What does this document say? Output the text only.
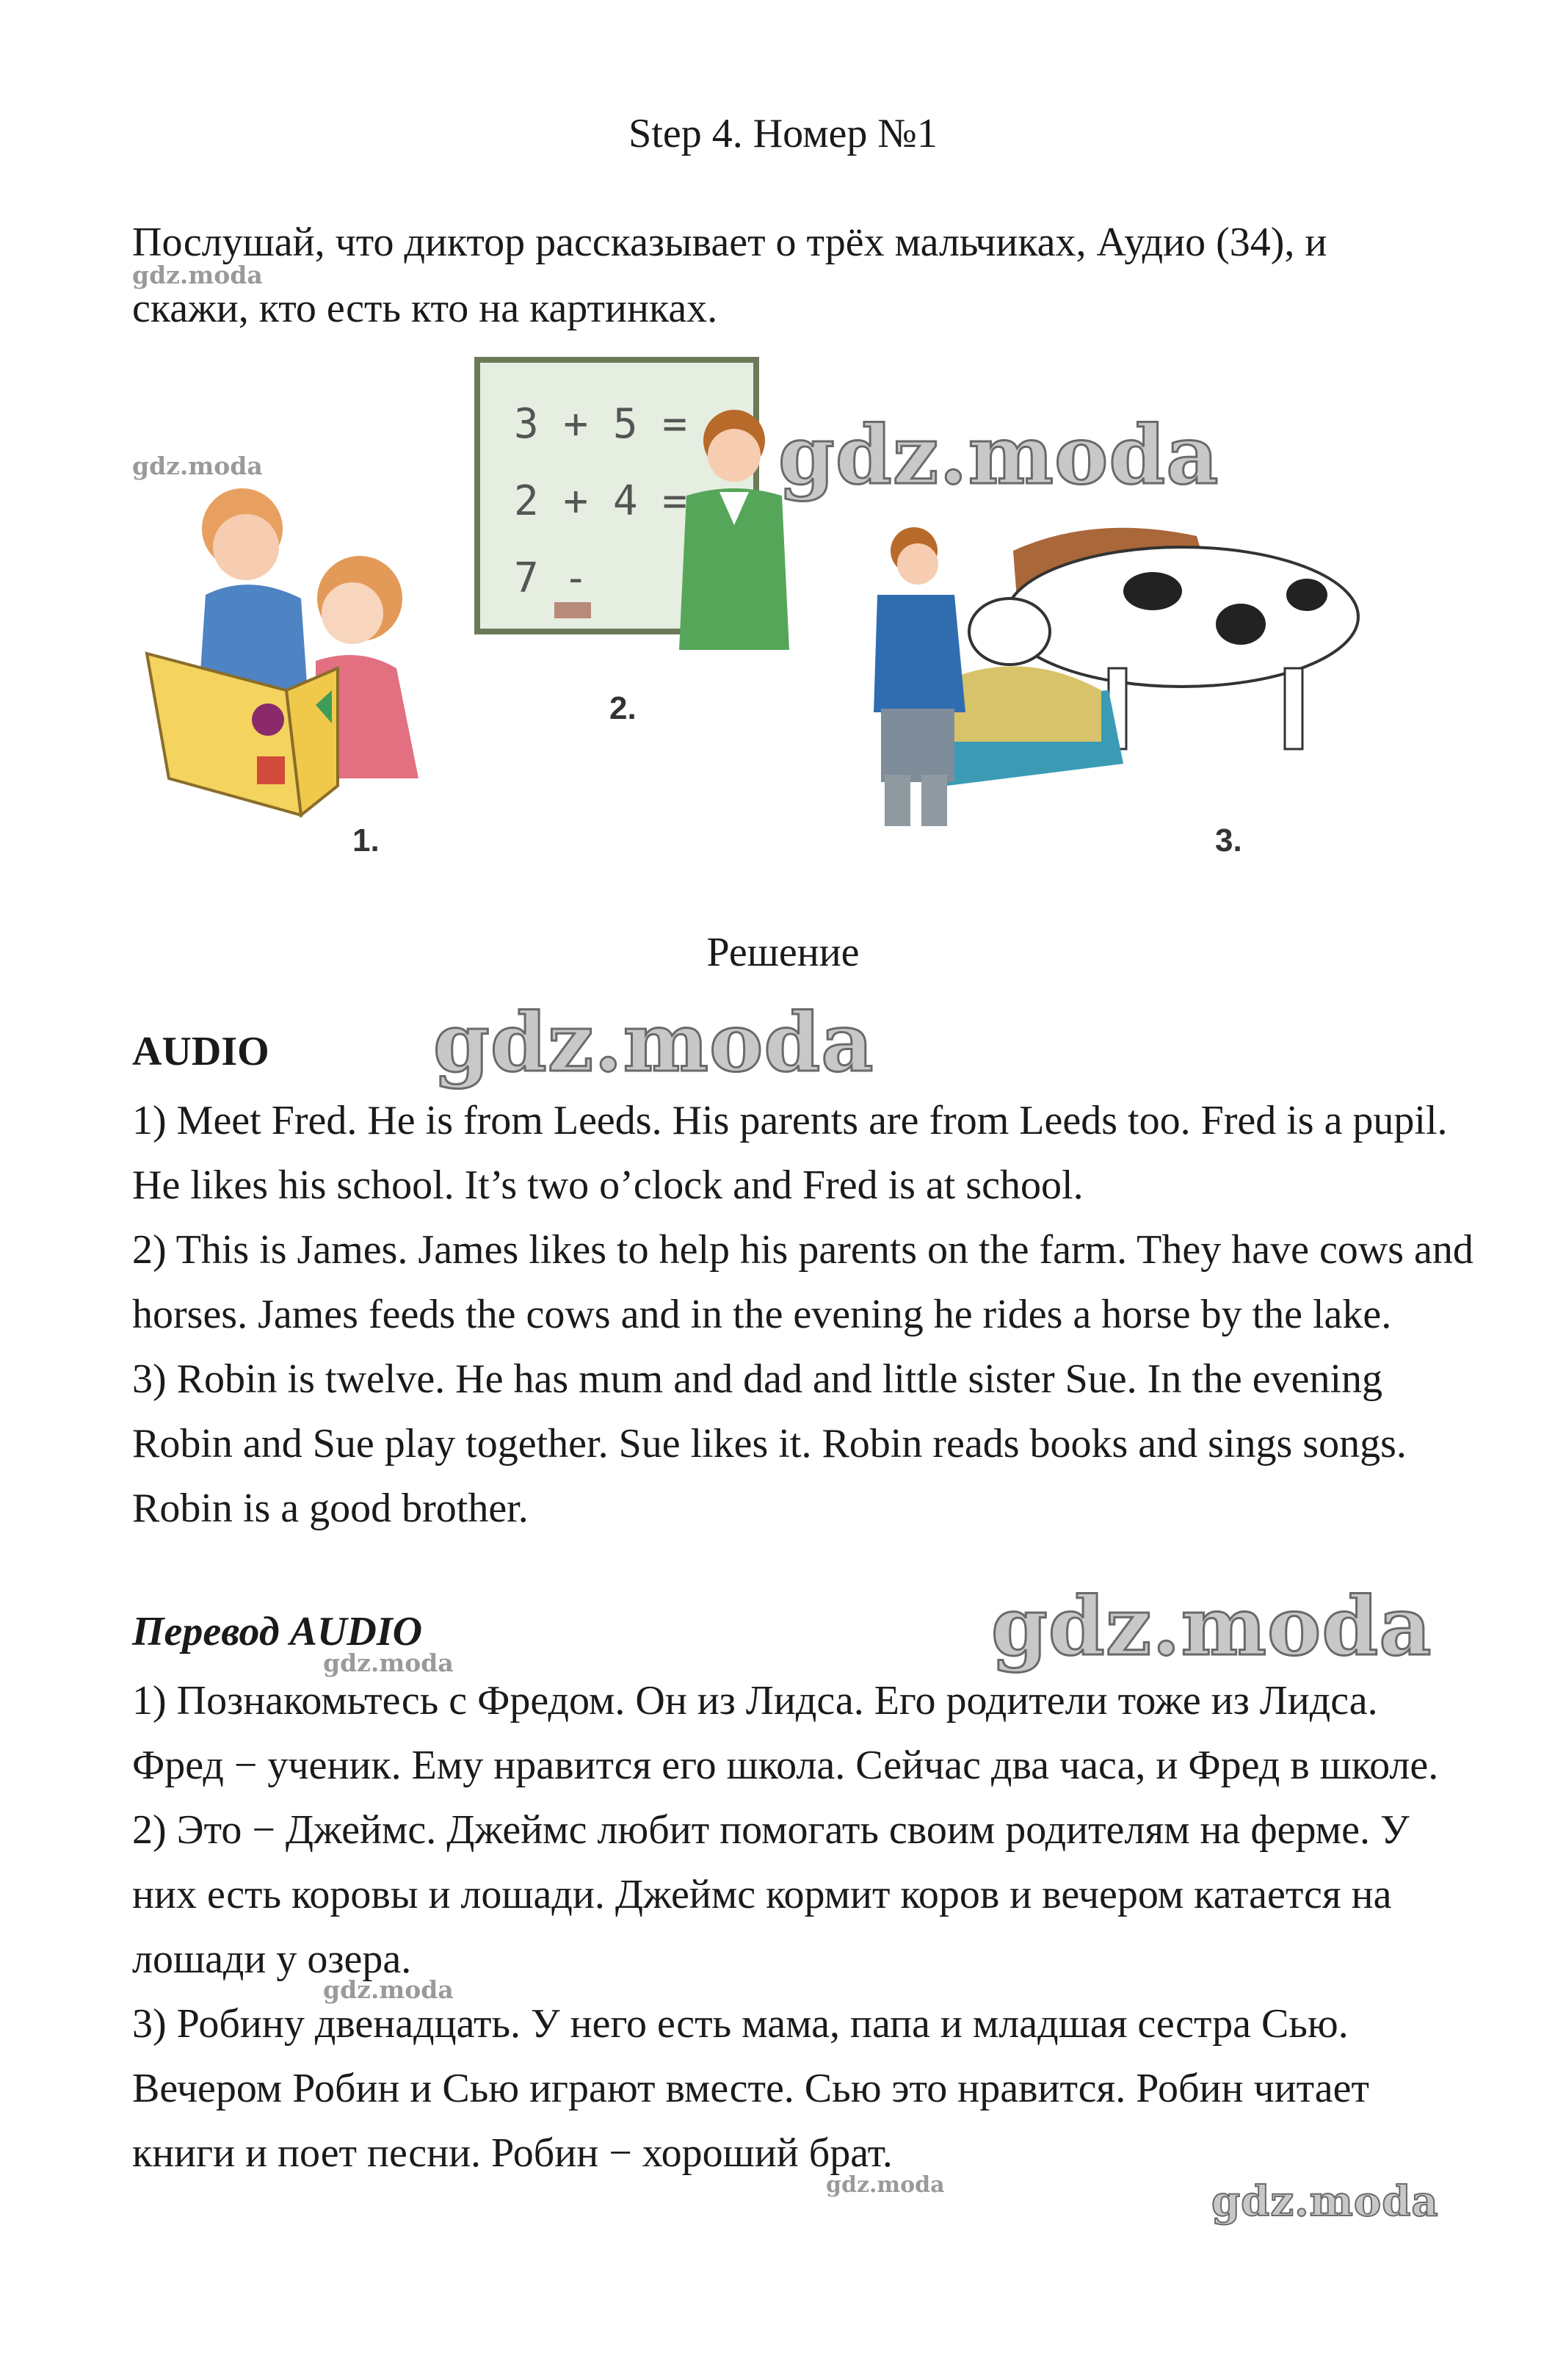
Step 4. Номер №1
Послушай, что диктор рассказывает о трёх мальчиках, Аудио (34), и скажи, кто есть кто на картинках.
gdz.moda
gdz.moda
1.
3 + 5 =
2 + 4 =
7 -
2.
3.
gdz.moda
Решение
AUDIO gdz.moda

1) Meet Fred. He is from Leeds. His parents are from Leeds too. Fred is a pupil. He likes his school. It’s two o’clock and Fred is at school.

2) This is James. James likes to help his parents on the farm. They have cows and horses. James feeds the cows and in the evening he rides a horse by the lake.

3) Robin is twelve. He has mum and dad and little sister Sue. In the evening Robin and Sue play together. Sue likes it. Robin reads books and sings songs. Robin is a good brother.

Перевод AUDIO	gdz.moda
gdz.moda

1) Познакомьтесь с Фредом. Он из Лидса. Его родители тоже из Лидса. Фред − ученик. Ему нравится его школа. Сейчас два часа, и Фред в школе.

2) Это − Джеймс. Джеймс любит помогать своим родителям на ферме. У них есть коровы и лошади. Джеймс кормит коров и вечером катается на лошади у озера.

3) Робину двенадцать. У него есть мама, папа и младшая сестра Сью. Вечером Робин и Сью играют вместе. Сью это нравится. Робин читает книги и поет песни. Робин − хороший брат.

gdz.moda
gdz.moda	gdz.moda
